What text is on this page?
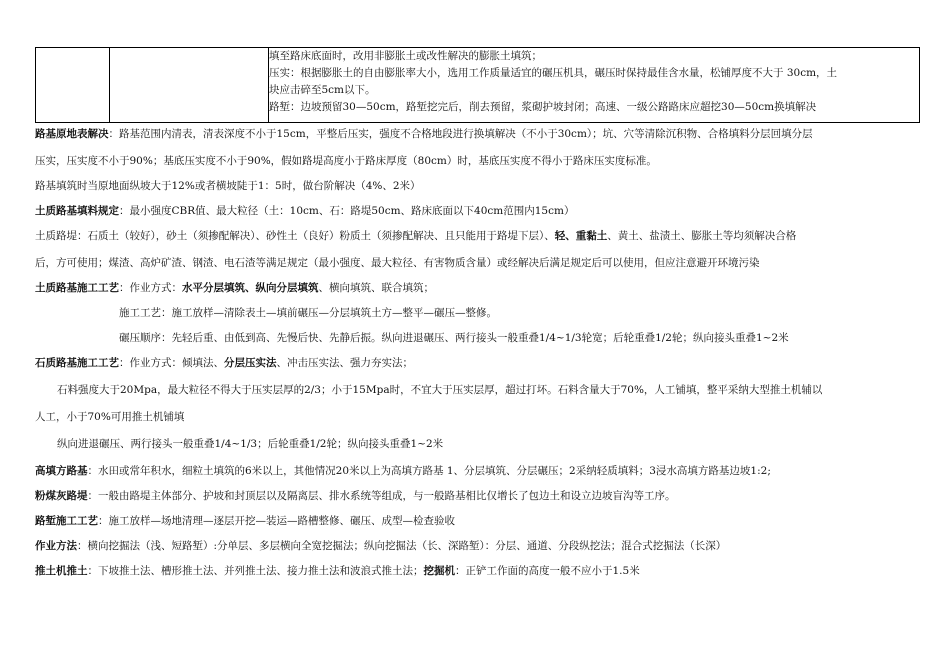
填至路床底面时，改用非膨胀土或改性解决的膨胀土填筑；
压实：根据膨胀土的自由膨胀率大小，选用工作质量适宜的碾压机具，碾压时保持最佳含水量，松铺厚度不大于 30cm，土
块应击碎至5cm以下。
路堑：边坡预留30—50cm，路堑挖完后，削去预留，浆砌护坡封闭；高速、一级公路路床应超挖30—50cm换填解决

路基原地表解决：路基范围内清表，清表深度不小于15cm，平整后压实，强度不合格地段进行换填解决（不小于30cm）；坑、穴等清除沉积物、合格填料分层回填分层

压实，压实度不小于90%；基底压实度不小于90%，假如路堤高度小于路床厚度（80cm）时，基底压实度不得小于路床压实度标准。

路基填筑时当原地面纵坡大于12%或者横坡陡于1：5时，做台阶解决（4%、2米）

土质路基填料规定：最小强度CBR值、最大粒径（土：10cm、石：路堤50cm、路床底面以下40cm范围内15cm）

土质路堤：石质土（较好），砂土（须掺配解决）、砂性土（良好）粉质土（须掺配解决、且只能用于路堤下层）、轻、重黏土、黄土、盐渍土、膨胀土等均须解决合格

后，方可使用；煤渣、高炉矿渣、钢渣、电石渣等满足规定（最小强度、最大粒径、有害物质含量）或经解决后满足规定后可以使用，但应注意避开环境污染

土质路基施工工艺：作业方式：水平分层填筑、纵向分层填筑、横向填筑、联合填筑；

施工工艺：施工放样—清除表土—填前碾压—分层填筑土方—整平—碾压—整修。

碾压顺序：先轻后重、由低到高、先慢后快、先静后振。纵向进退碾压、两行接头一般重叠1/4~1/3轮宽；后轮重叠1/2轮；纵向接头重叠1~2米

石质路基施工工艺：作业方式：倾填法、分层压实法、冲击压实法、强力夯实法；

石料强度大于20Mpa，最大粒径不得大于压实层厚的2/3；小于15Mpa时，不宜大于压实层厚，超过打坏。石料含量大于70%，人工铺填，整平采纳大型推土机辅以

人工，小于70%可用推土机铺填

纵向进退碾压、两行接头一般重叠1/4~1/3；后轮重叠1/2轮；纵向接头重叠1~2米

高填方路基：水田或常年积水，细粒土填筑的6米以上，其他情况20米以上为高填方路基 1、分层填筑、分层碾压；2采纳轻质填料；3浸水高填方路基边坡1:2;

粉煤灰路堤：一般由路堤主体部分、护坡和封顶层以及隔离层、排水系统等组成，与一般路基相比仅增长了包边土和设立边坡盲沟等工序。

路堑施工工艺：施工放样—场地清理—逐层开挖—装运—路槽整修、碾压、成型—检查验收

作业方法：横向挖掘法（浅、短路堑）:分单层、多层横向全宽挖掘法；纵向挖掘法（长、深路堑）：分层、通道、分段纵挖法；混合式挖掘法（长深）

推土机推土：下坡推土法、槽形推土法、并列推土法、接力推土法和波浪式推土法；挖掘机：正铲工作面的高度一般不应小于1.5米
